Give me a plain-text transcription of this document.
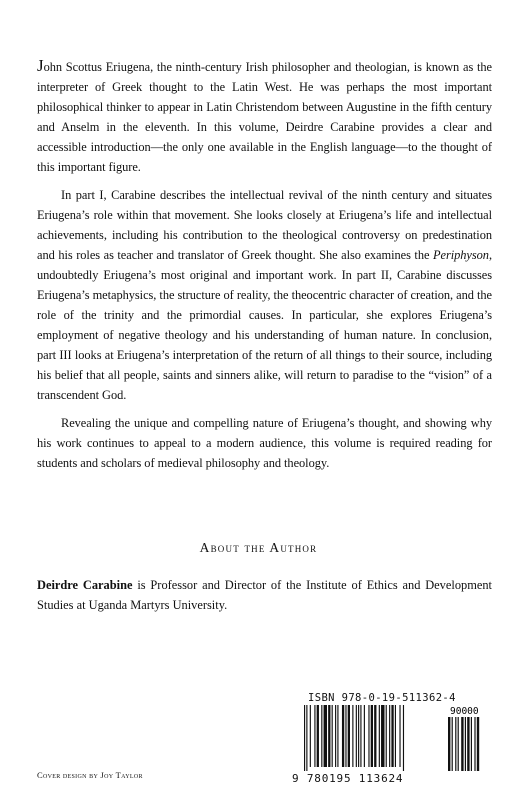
John Scottus Eriugena, the ninth-century Irish philosopher and theologian, is known as the interpreter of Greek thought to the Latin West. He was perhaps the most important philosophical thinker to appear in Latin Christendom between Augustine in the fifth century and Anselm in the eleventh. In this volume, Deirdre Carabine provides a clear and accessible introduction—the only one available in the English language—to the thought of this important figure.

In part I, Carabine describes the intellectual revival of the ninth century and situates Eriugena’s role within that movement. She looks closely at Eriugena’s life and intellectual achievements, including his contribution to the theological controversy on predestination and his roles as teacher and translator of Greek thought. She also examines the Periphyson, undoubtedly Eriugena’s most original and important work. In part II, Carabine discusses Eriugena’s metaphysics, the structure of reality, the theocentric character of creation, and the role of the trinity and the primordial causes. In particular, she explores Eriugena’s employment of negative theology and his understanding of human nature. In conclusion, part III looks at Eriugena’s interpretation of the return of all things to their source, including his belief that all people, saints and sinners alike, will return to paradise to the “vision” of a transcendent God.

Revealing the unique and compelling nature of Eriugena’s thought, and showing why his work continues to appeal to a modern audience, this volume is required reading for students and scholars of medieval philosophy and theology.

About the Author
Deirdre Carabine is Professor and Director of the Institute of Ethics and Development Studies at Uganda Martyrs University.
Cover design by Joy Taylor
ISBN 978-0-19-511362-4
90000
9 780195 113624
